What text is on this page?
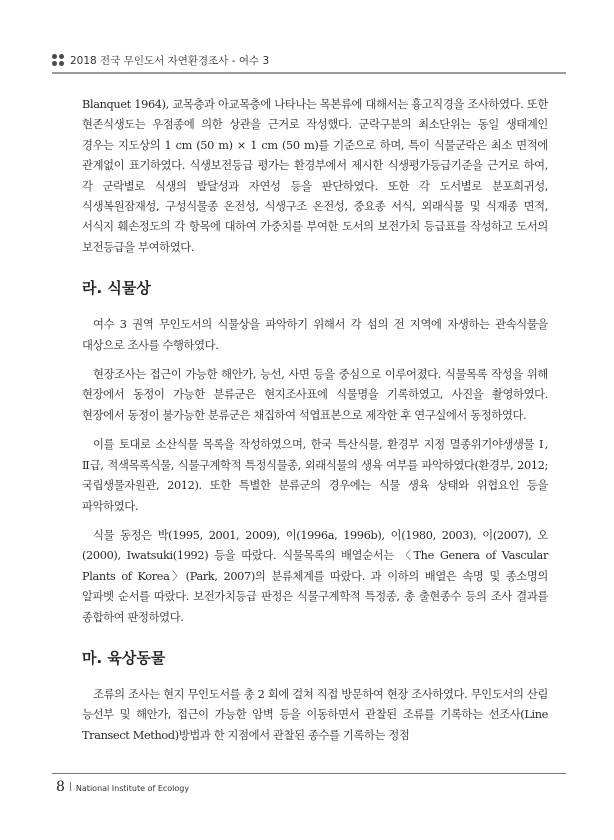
2018 전국 무인도서 자연환경조사 - 여수 3

Blanquet 1964), 교목층과 아교목층에 나타나는 목본류에 대해서는 흉고직경을 조사하였다. 또한 현존식생도는 우점종에 의한 상관을 근거로 작성했다. 군락구분의 최소단위는 동일 생태계인 경우는 지도상의 1 cm (50 m) × 1 cm (50 m)를 기준으로 하며, 특이 식물군락은 최소 면적에 관계없이 표기하였다. 식생보전등급 평가는 환경부에서 제시한 식생평가등급기준을 근거로 하여, 각 군락별로 식생의 발달성과 자연성 등을 판단하였다. 또한 각 도서별로 분포희귀성, 식생복원잠재성, 구성식물종 온전성, 식생구조 온전성, 중요종 서식, 외래식물 및 식재종 면적, 서식지 훼손정도의 각 항목에 대하여 가중치를 부여한 도서의 보전가치 등급표를 작성하고 도서의 보전등급을 부여하였다.

라. 식물상

여수 3 권역 무인도서의 식물상을 파악하기 위해서 각 섬의 전 지역에 자생하는 관속식물을 대상으로 조사를 수행하였다.

현장조사는 접근이 가능한 해안가, 능선, 사면 등을 중심으로 이루어졌다. 식물목록 작성을 위해 현장에서 동정이 가능한 분류군은 현지조사표에 식물명을 기록하였고, 사진을 촬영하였다. 현장에서 동정이 불가능한 분류군은 채집하여 석엽표본으로 제작한 후 연구실에서 동정하였다.

이를 토대로 소산식물 목록을 작성하였으며, 한국 특산식물, 환경부 지정 멸종위기야생생물 Ⅰ, Ⅱ급, 적색목록식물, 식물구계학적 특정식물종, 외래식물의 생육 여부를 파악하였다(환경부, 2012; 국립생물자원관, 2012). 또한 특별한 분류군의 경우에는 식물 생육 상태와 위협요인 등을 파악하였다.

식물 동정은 박(1995, 2001, 2009), 이(1996a, 1996b), 이(1980, 2003), 이(2007), 오(2000), Iwatsuki(1992) 등을 따랐다. 식물목록의 배열순서는 〈The Genera of Vascular Plants of Korea〉(Park, 2007)의 분류체계를 따랐다. 과 이하의 배열은 속명 및 종소명의 알파벳 순서를 따랐다. 보전가치등급 판정은 식물구계학적 특정종, 총 출현종수 등의 조사 결과를 종합하여 판정하였다.

마. 육상동물

조류의 조사는 현지 무인도서를 총 2 회에 걸쳐 직접 방문하여 현장 조사하였다. 무인도서의 산림 능선부 및 해안가, 접근이 가능한 암벽 등을 이동하면서 관찰된 조류를 기록하는 선조사(Line Transect Method)방법과 한 지점에서 관찰된 종수를 기록하는 정점

8 National Institute of Ecology
